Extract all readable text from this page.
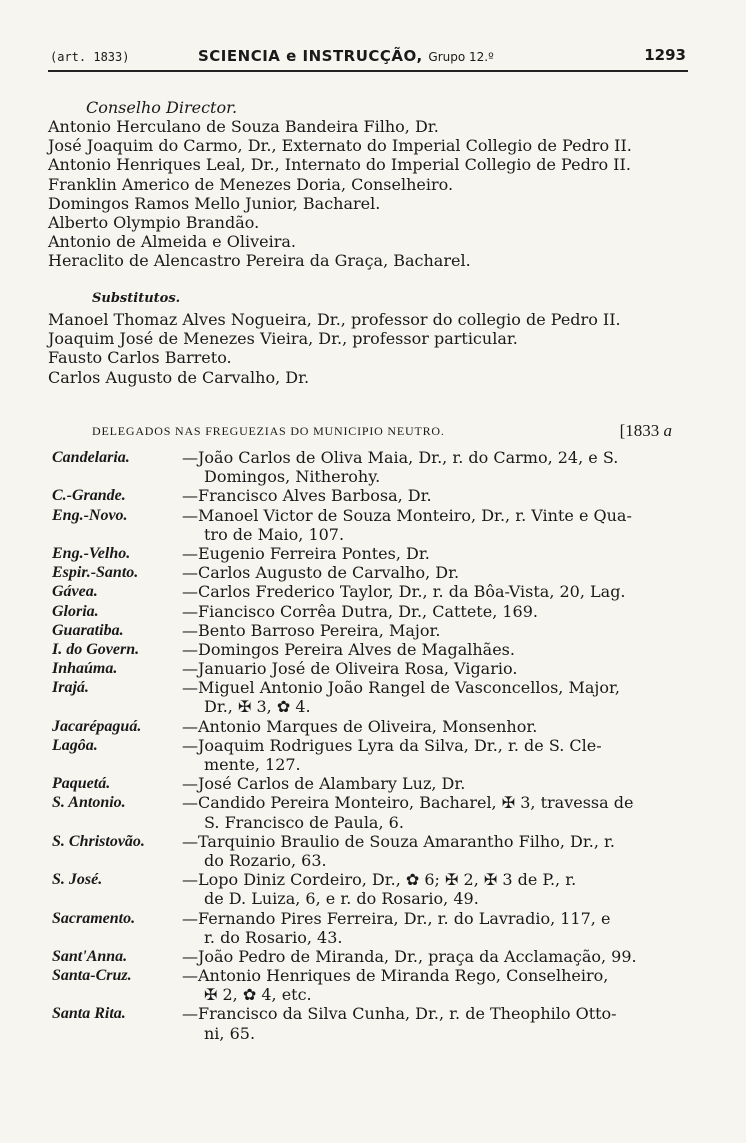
(art. 1833)	SCIENCIA e INSTRUCÇÃO, Grupo 12.º	1293
Conselho Director.
Antonio Herculano de Souza Bandeira Filho, Dr.
José Joaquim do Carmo, Dr., Externato do Imperial Collegio de Pedro II.
Antonio Henriques Leal, Dr., Internato do Imperial Collegio de Pedro II.
Franklin Americo de Menezes Doria, Conselheiro.
Domingos Ramos Mello Junior, Bacharel.
Alberto Olympio Brandão.
Antonio de Almeida e Oliveira.
Heraclito de Alencastro Pereira da Graça, Bacharel.
Substitutos.
Manoel Thomaz Alves Nogueira, Dr., professor do collegio de Pedro II.
Joaquim José de Menezes Vieira, Dr., professor particular.
Fausto Carlos Barreto.
Carlos Augusto de Carvalho, Dr.
DELEGADOS NAS FREGUEZIAS DO MUNICIPIO NEUTRO.	[1833 a
Candelaria.	—João Carlos de Oliva Maia, Dr., r. do Carmo, 24, e S.
Domingos, Nitherohy.
C.-Grande.	—Francisco Alves Barbosa, Dr.
Eng.-Novo.	—Manoel Victor de Souza Monteiro, Dr., r. Vinte e Qua-
tro de Maio, 107.
Eng.-Velho.	—Eugenio Ferreira Pontes, Dr.
Espir.-Santo.	—Carlos Augusto de Carvalho, Dr.
Gávea.	—Carlos Frederico Taylor, Dr., r. da Bôa-Vista, 20, Lag.
Gloria.	—Fiancisco Corrêa Dutra, Dr., Cattete, 169.
Guaratiba.	—Bento Barroso Pereira, Major.
I. do Govern.	—Domingos Pereira Alves de Magalhães.
Inhaúma.	—Januario José de Oliveira Rosa, Vigario.
Irajá.	—Miguel Antonio João Rangel de Vasconcellos, Major,
Dr., ✠ 3, ✿ 4.
Jacarépaguá.	—Antonio Marques de Oliveira, Monsenhor.
Lagôa.	—Joaquim Rodrigues Lyra da Silva, Dr., r. de S. Cle-
mente, 127.
Paquetá.	—José Carlos de Alambary Luz, Dr.
S. Antonio.	—Candido Pereira Monteiro, Bacharel, ✠ 3, travessa de
S. Francisco de Paula, 6.
S. Christovão. —Tarquinio Braulio de Souza Amarantho Filho, Dr., r.
do Rozario, 63.
S. José.	—Lopo Diniz Cordeiro, Dr., ✿ 6; ✠ 2, ✠ 3 de P., r.
de D. Luiza, 6, e r. do Rosario, 49.
Sacramento.	—Fernando Pires Ferreira, Dr., r. do Lavradio, 117, e
r. do Rosario, 43.
Sant'Anna.	—João Pedro de Miranda, Dr., praça da Acclamação, 99.
Santa-Cruz.	—Antonio Henriques de Miranda Rego, Conselheiro,
✠ 2, ✿ 4, etc.
Santa Rita.	—Francisco da Silva Cunha, Dr., r. de Theophilo Otto-
ni, 65.
